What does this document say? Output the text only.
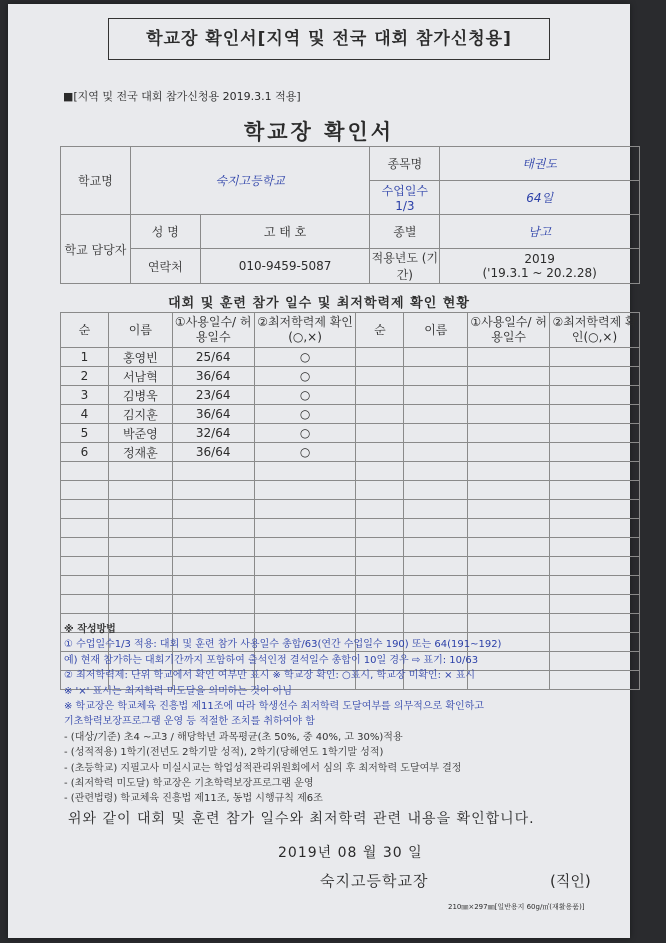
학교장 확인서[지역 및 전국 대회 참가신청용]
■[지역 및 전국 대회 참가신청용 2019.3.1 적용]
학교장 확인서
학교명	숙지고등학교		종목명	태권도
			수업일수 1/3	64일
학교 담당자	성 명	고 태 호	종별	남고
	연락처	010-9459-5087	적용년도 (기간)	2019
('19.3.1 ~ 20.2.28)
대회 및 훈련 참가 일수 및 최저학력제 확인 현황
순	이름	①사용일수/ 허용일수	②최저학력제 확인(○,×)	순	이름	①사용일수/ 허용일수	②최저학력제 확인(○,×)
1	홍영빈	25/64	○				
2	서남혁	36/64	○				
3	김병욱	23/64	○				
4	김지훈	36/64	○				
5	박준영	32/64	○				
6	정재훈	36/64	○				

※ 작성방법
① 수업일수1/3 적용: 대회 및 훈련 참가 사용일수 총합/63(연간 수업일수 190) 또는 64(191~192)
예) 현재 참가하는 대회기간까지 포함하여 출석인정 결석일수 총합이 10일 경우 ⇨ 표기: 10/63
② 최저학력제: 단위 학교에서 확인 여부만 표시 ※ 학교장 확인: ○표시, 학교장 미확인: × 표시
※ '×' 표시는 최저학력 미도달을 의미하는 것이 아님
※ 학교장은 학교체육 진흥법 제11조에 따라 학생선수 최저학력 도달여부를 의무적으로 확인하고
기초학력보장프로그램 운영 등 적절한 조치를 취하여야 함
- (대상/기준) 초4 ~고3 / 해당학년 과목평균(초 50%, 중 40%, 고 30%)적용
- (성적적용) 1학기(전년도 2학기말 성적), 2학기(당해연도 1학기말 성적)
- (초등학교) 지필고사 미실시교는 학업성적관리위원회에서 심의 후 최저학력 도달여부 결정
- (최저학력 미도달) 학교장은 기초학력보장프로그램 운영
- (관련법령) 학교체육 진흥법 제11조, 동법 시행규칙 제6조
위와 같이 대회 및 훈련 참가 일수와 최저학력 관련 내용을 확인합니다.
2019년 08 월 30 일
숙지고등학교장	(직인)
210㎜×297㎜[일반용지 60g/㎡(재활용품)]
